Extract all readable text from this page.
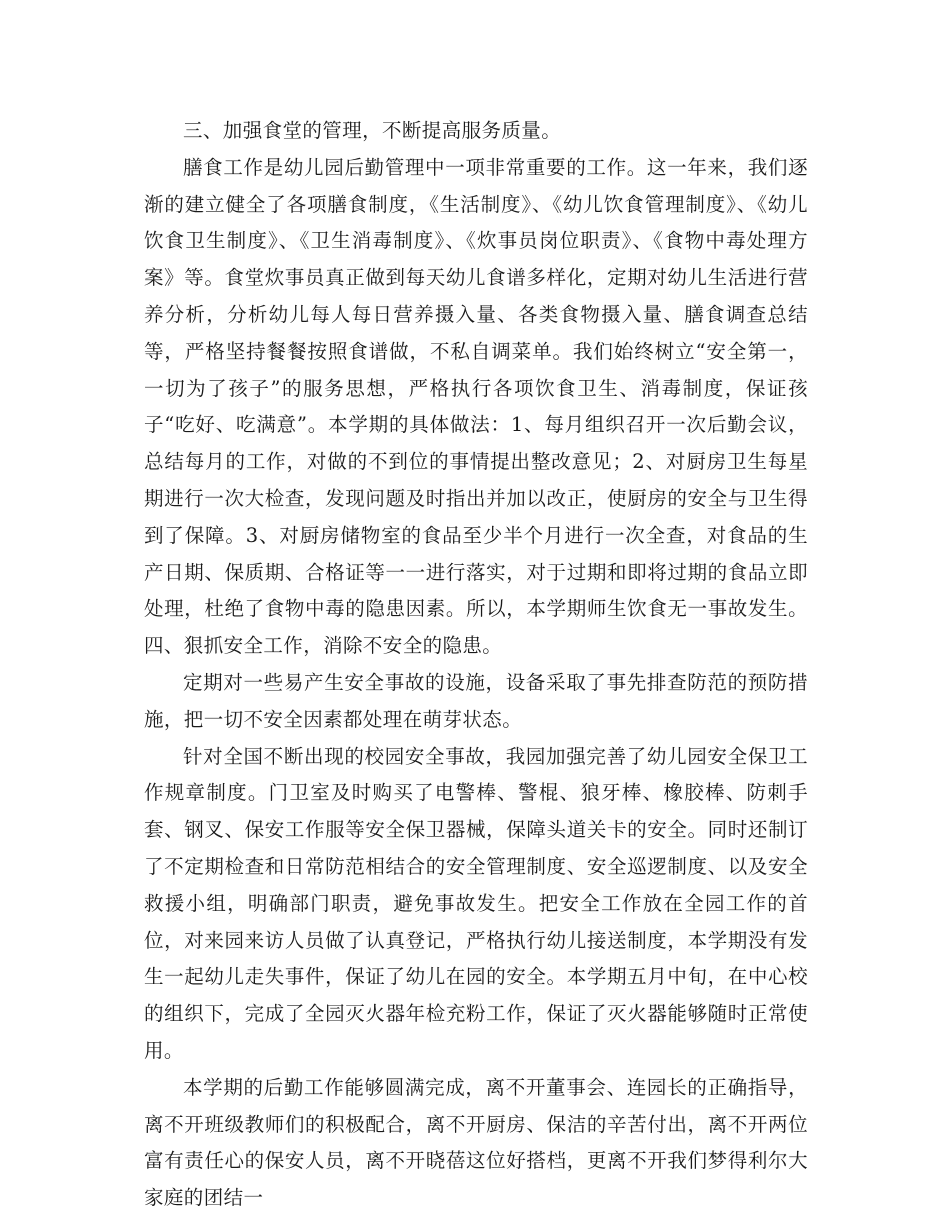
三、加强食堂的管理，不断提高服务质量。

膳食工作是幼儿园后勤管理中一项非常重要的工作。这一年来，我们逐渐的建立健全了各项膳食制度，《生活制度》、《幼儿饮食管理制度》、《幼儿饮食卫生制度》、《卫生消毒制度》、《炊事员岗位职责》、《食物中毒处理方案》等。食堂炊事员真正做到每天幼儿食谱多样化，定期对幼儿生活进行营养分析，分析幼儿每人每日营养摄入量、各类食物摄入量、膳食调查总结等，严格坚持餐餐按照食谱做，不私自调菜单。我们始终树立“安全第一，一切为了孩子”的服务思想，严格执行各项饮食卫生、消毒制度，保证孩子“吃好、吃满意”。本学期的具体做法：1、每月组织召开一次后勤会议，总结每月的工作，对做的不到位的事情提出整改意见；2、对厨房卫生每星期进行一次大检查，发现问题及时指出并加以改正，使厨房的安全与卫生得到了保障。3、对厨房储物室的食品至少半个月进行一次全查，对食品的生产日期、保质期、合格证等一一进行落实，对于过期和即将过期的食品立即处理，杜绝了食物中毒的隐患因素。所以，本学期师生饮食无一事故发生。四、狠抓安全工作，消除不安全的隐患。

定期对一些易产生安全事故的设施，设备采取了事先排查防范的预防措施，把一切不安全因素都处理在萌芽状态。

针对全国不断出现的校园安全事故，我园加强完善了幼儿园安全保卫工作规章制度。门卫室及时购买了电警棒、警棍、狼牙棒、橡胶棒、防刺手套、钢叉、保安工作服等安全保卫器械，保障头道关卡的安全。同时还制订了不定期检查和日常防范相结合的安全管理制度、安全巡逻制度、以及安全救援小组，明确部门职责，避免事故发生。把安全工作放在全园工作的首位，对来园来访人员做了认真登记，严格执行幼儿接送制度，本学期没有发生一起幼儿走失事件，保证了幼儿在园的安全。本学期五月中旬，在中心校的组织下，完成了全园灭火器年检充粉工作，保证了灭火器能够随时正常使用。

本学期的后勤工作能够圆满完成，离不开董事会、连园长的正确指导，离不开班级教师们的积极配合，离不开厨房、保洁的辛苦付出，离不开两位富有责任心的保安人员，离不开晓蓓这位好搭档，更离不开我们梦得利尔大家庭的团结一
